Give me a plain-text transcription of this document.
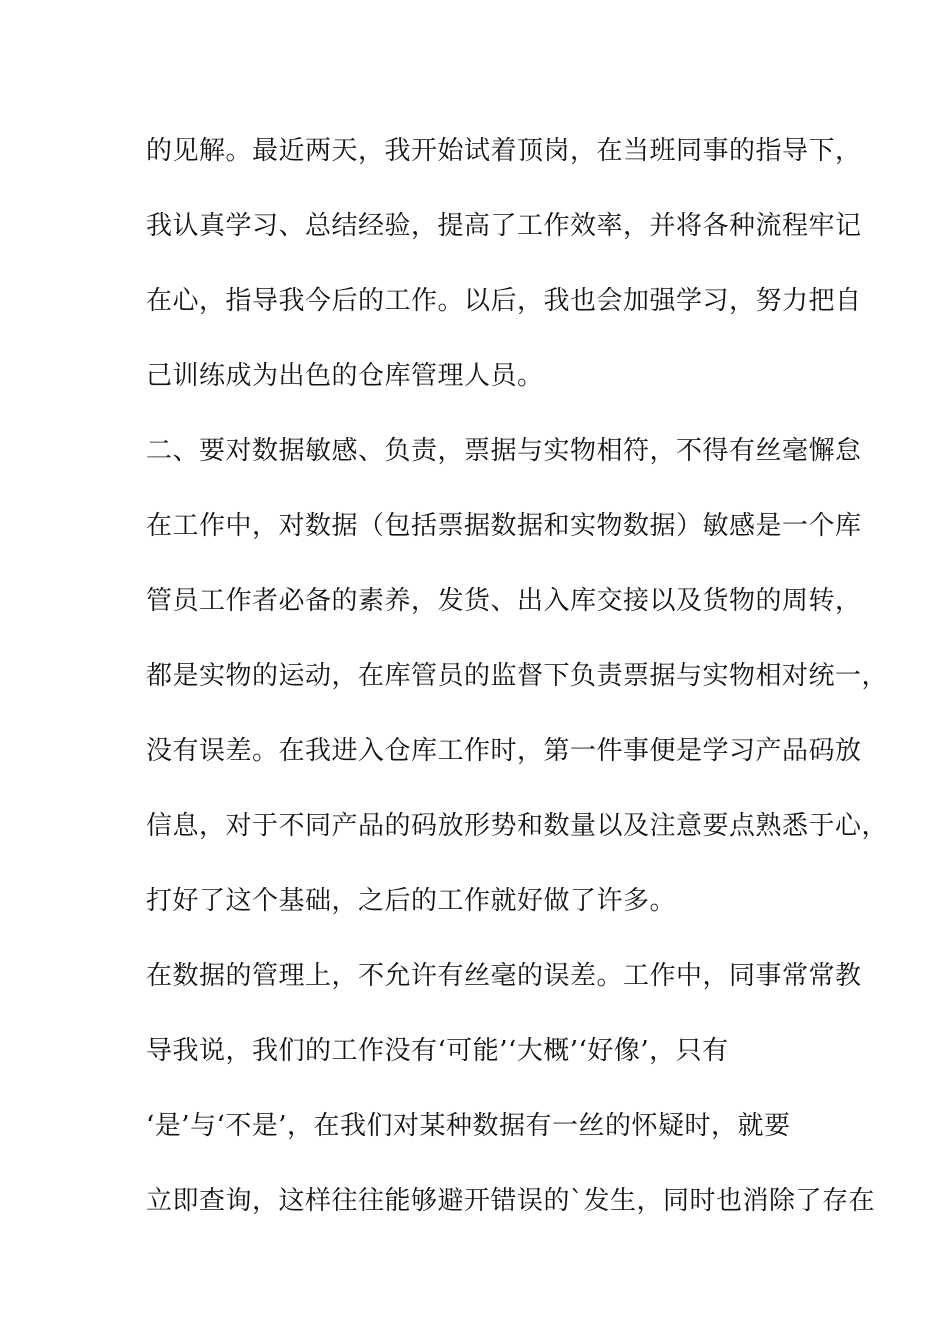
的见解。最近两天，我开始试着顶岗，在当班同事的指导下，
我认真学习、总结经验，提高了工作效率，并将各种流程牢记
在心，指导我今后的工作。以后，我也会加强学习，努力把自
己训练成为出色的仓库管理人员。
二、要对数据敏感、负责，票据与实物相符，不得有丝毫懈怠
在工作中，对数据（包括票据数据和实物数据）敏感是一个库
管员工作者必备的素养，发货、出入库交接以及货物的周转，
都是实物的运动，在库管员的监督下负责票据与实物相对统一，
没有误差。在我进入仓库工作时，第一件事便是学习产品码放
信息，对于不同产品的码放形势和数量以及注意要点熟悉于心，
打好了这个基础，之后的工作就好做了许多。
在数据的管理上，不允许有丝毫的误差。工作中，同事常常教
导我说，我们的工作没有‘可能’‘大概’‘好像’，只有
‘是’与‘不是’，在我们对某种数据有一丝的怀疑时，就要
立即查询，这样往往能够避开错误的`发生，同时也消除了存在
